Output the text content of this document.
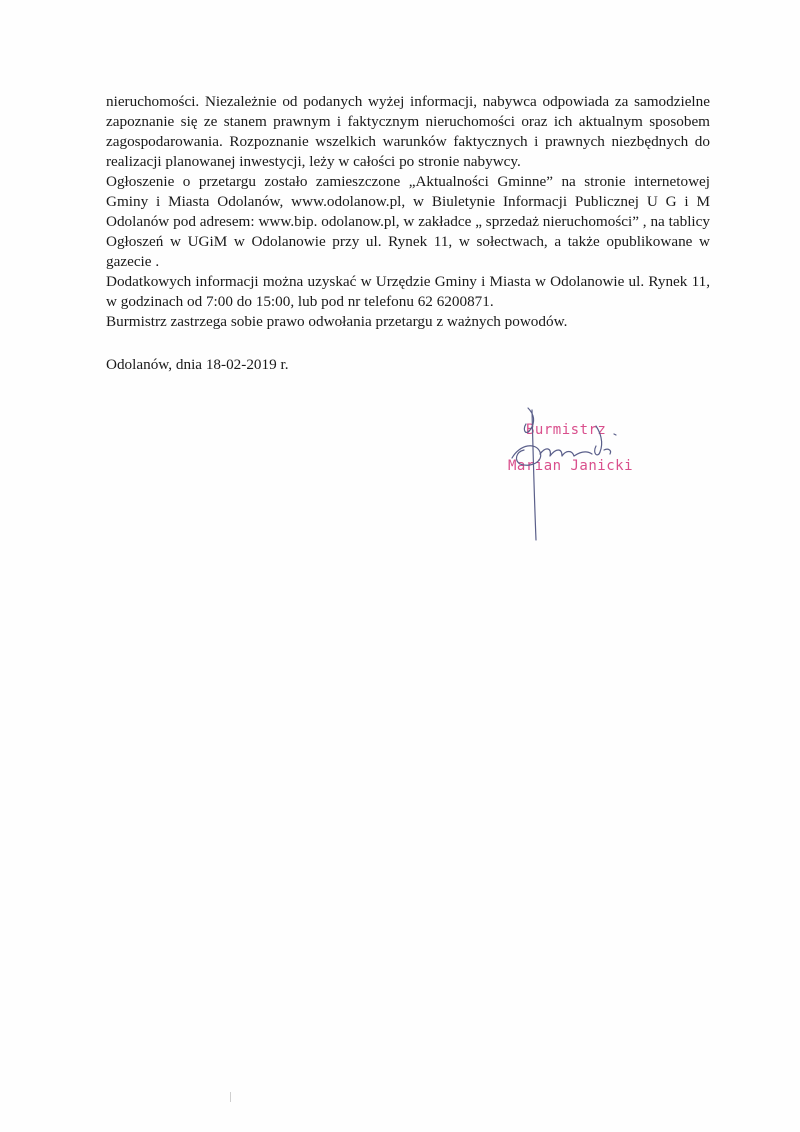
nieruchomości. Niezależnie od podanych wyżej informacji, nabywca odpowiada za samodzielne zapoznanie się ze stanem prawnym i faktycznym nieruchomości oraz ich aktualnym sposobem zagospodarowania. Rozpoznanie wszelkich warunków faktycznych i prawnych niezbędnych do realizacji planowanej inwestycji, leży w całości po stronie nabywcy.

Ogłoszenie o przetargu zostało zamieszczone „Aktualności Gminne” na stronie internetowej Gminy i Miasta Odolanów, www.odolanow.pl, w Biuletynie Informacji Publicznej U G i M Odolanów pod adresem: www.bip. odolanow.pl, w zakładce „ sprzedaż nieruchomości” , na tablicy Ogłoszeń w UGiM w Odolanowie przy ul. Rynek 11, w sołectwach, a także opublikowane w gazecie .

Dodatkowych informacji można uzyskać w Urzędzie Gminy i Miasta w Odolanowie ul. Rynek 11, w godzinach od 7:00 do 15:00, lub pod nr telefonu 62 6200871.

Burmistrz zastrzega sobie prawo odwołania przetargu z ważnych powodów.

Odolanów, dnia 18-02-2019 r.
Burmistrz
Marian Janicki
